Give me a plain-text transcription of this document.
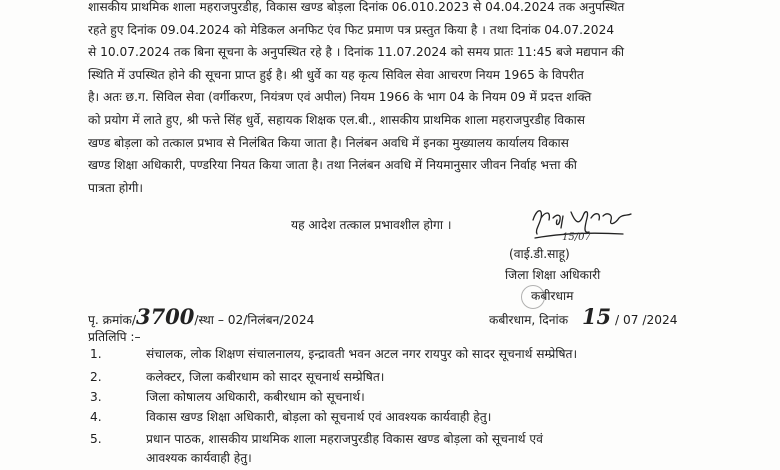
शासकीय प्राथमिक शाला महराजपुरडीह, विकास खण्ड बोड़ला दिनांक 06.010.2023 से 04.04.2024 तक अनुपस्थित
रहते हुए दिनांक 09.04.2024 को मेडिकल अनफिट एंव फिट प्रमाण पत्र प्रस्तुत किया है । तथा दिनांक 04.07.2024
से 10.07.2024 तक बिना सूचना के अनुपस्थित रहे है । दिनांक 11.07.2024 को समय प्रातः 11:45 बजे मद्यपान की
स्थिति में उपस्थित होने की सूचना प्राप्त हुई है। श्री धुर्वे का यह कृत्य सिविल सेवा आचरण नियम 1965 के विपरीत
है। अतः छ.ग. सिविल सेवा (वर्गीकरण, नियंत्रण एवं अपील) नियम 1966 के भाग 04 के नियम 09 में प्रदत्त शक्ति
को प्रयोग में लाते हुए, श्री फत्ते सिंह धुर्वे, सहायक शिक्षक एल.बी., शासकीय प्राथमिक शाला महराजपुरडीह विकास
खण्ड बोड़ला को तत्काल प्रभाव से निलंबित किया जाता है। निलंबन अवधि में इनका मुख्यालय कार्यालय विकास
खण्ड शिक्षा अधिकारी, पण्डरिया नियत किया जाता है। तथा निलंबन अवधि में नियमानुसार जीवन निर्वाह भत्ता की
पात्रता होगी।
यह आदेश तत्काल प्रभावशील होगा ।
15/07
(वाई.डी.साहू)
जिला शिक्षा अधिकारी
कबीरधाम
पृ. क्रमांक/3700/स्था – 02/निलंबन/2024	कबीरधाम, दिनांक 15 / 07 /2024
प्रतिलिपि :–
1.	संचालक, लोक शिक्षण संचालनालय, इन्द्रावती भवन अटल नगर रायपुर को सादर सूचनार्थ सम्प्रेषित।
2.	कलेक्टर, जिला कबीरधाम को सादर सूचनार्थ सम्प्रेषित।
3.	जिला कोषालय अधिकारी, कबीरधाम को सूचनार्थ।
4.	विकास खण्ड शिक्षा अधिकारी, बोड़ला को सूचनार्थ एवं आवश्यक कार्यवाही हेतु।
5.	प्रधान पाठक, शासकीय प्राथमिक शाला महराजपुरडीह विकास खण्ड बोड़ला को सूचनार्थ एवं
आवश्यक कार्यवाही हेतु।
